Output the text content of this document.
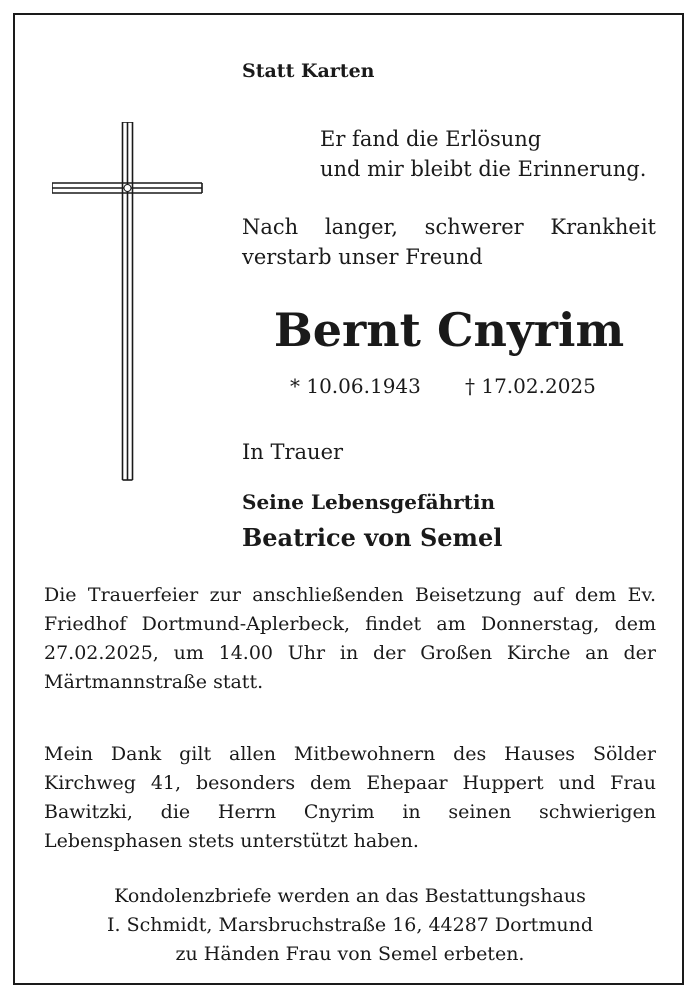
Statt Karten
Er fand die Erlösung
und mir bleibt die Erinnerung.
Nach langer, schwerer Krankheit verstarb unser Freund
Bernt Cnyrim
* 10.06.1943 † 17.02.2025
In Trauer
Seine Lebensgefährtin
Beatrice von Semel
Die Trauerfeier zur anschließenden Beisetzung auf dem Ev. Friedhof Dortmund-Aplerbeck, findet am Donnerstag, dem 27.02.2025, um 14.00 Uhr in der Großen Kirche an der Märtmannstraße statt.
Mein Dank gilt allen Mitbewohnern des Hauses Sölder Kirchweg 41, besonders dem Ehepaar Huppert und Frau Bawitzki, die Herrn Cnyrim in seinen schwierigen Lebensphasen stets unterstützt haben.
Kondolenzbriefe werden an das Bestattungshaus
I. Schmidt, Marsbruchstraße 16, 44287 Dortmund
zu Händen Frau von Semel erbeten.
